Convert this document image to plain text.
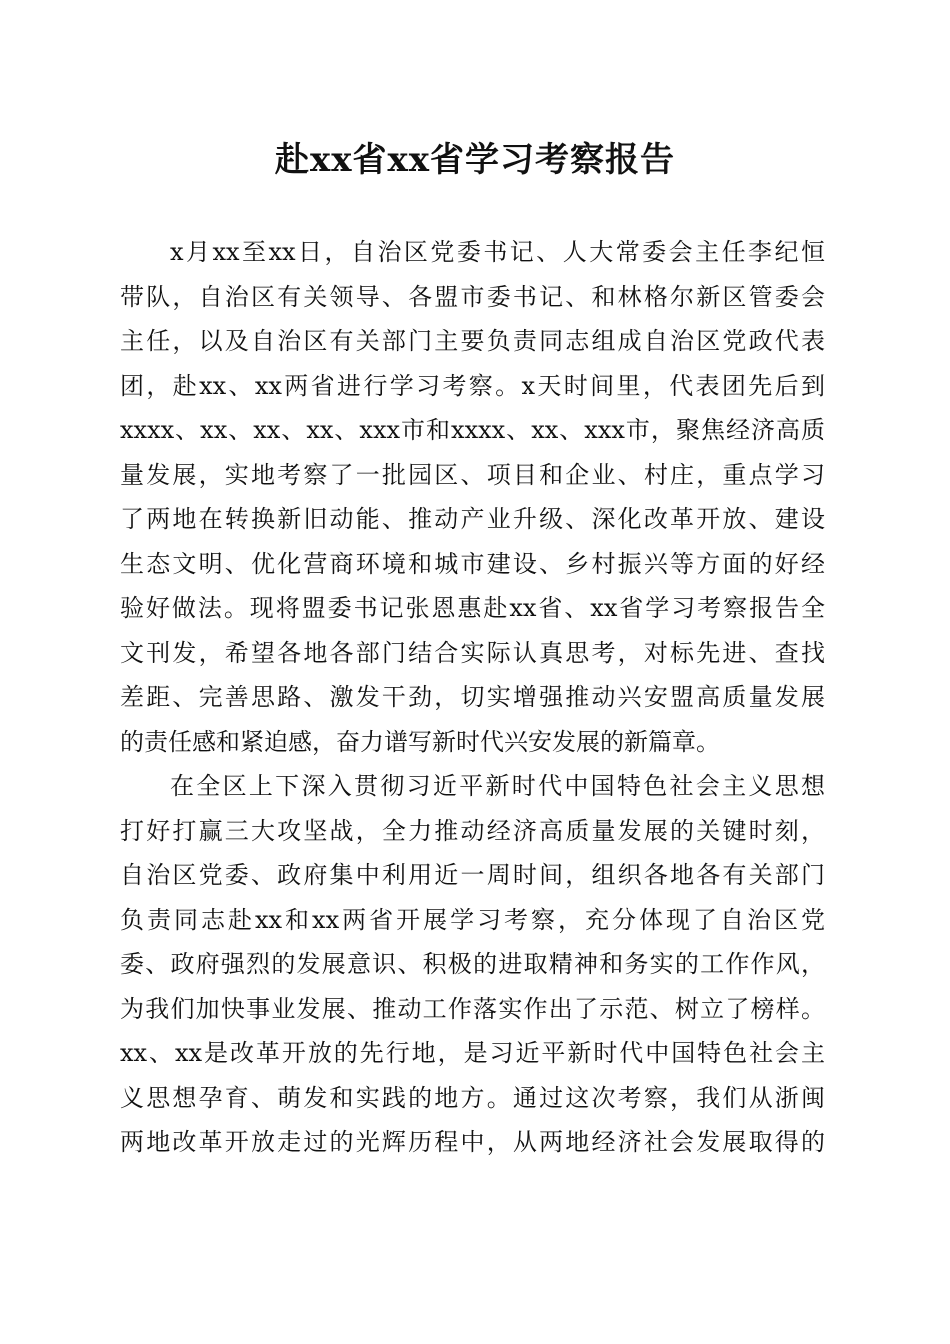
赴xx省xx省学习考察报告
x月xx至xx日，自治区党委书记、人大常委会主任李纪恒
带队，自治区有关领导、各盟市委书记、和林格尔新区管委会
主任，以及自治区有关部门主要负责同志组成自治区党政代表
团，赴xx、xx两省进行学习考察。x天时间里，代表团先后到
xxxx、xx、xx、xx、xxx市和xxxx、xx、xxx市，聚焦经济高质
量发展，实地考察了一批园区、项目和企业、村庄，重点学习
了两地在转换新旧动能、推动产业升级、深化改革开放、建设
生态文明、优化营商环境和城市建设、乡村振兴等方面的好经
验好做法。现将盟委书记张恩惠赴xx省、xx省学习考察报告全
文刊发，希望各地各部门结合实际认真思考，对标先进、查找
差距、完善思路、激发干劲，切实增强推动兴安盟高质量发展
的责任感和紧迫感，奋力谱写新时代兴安发展的新篇章。
在全区上下深入贯彻习近平新时代中国特色社会主义思想
打好打赢三大攻坚战，全力推动经济高质量发展的关键时刻，
自治区党委、政府集中利用近一周时间，组织各地各有关部门
负责同志赴xx和xx两省开展学习考察，充分体现了自治区党
委、政府强烈的发展意识、积极的进取精神和务实的工作作风，
为我们加快事业发展、推动工作落实作出了示范、树立了榜样。
xx、xx是改革开放的先行地，是习近平新时代中国特色社会主
义思想孕育、萌发和实践的地方。通过这次考察，我们从浙闽
两地改革开放走过的光辉历程中，从两地经济社会发展取得的
